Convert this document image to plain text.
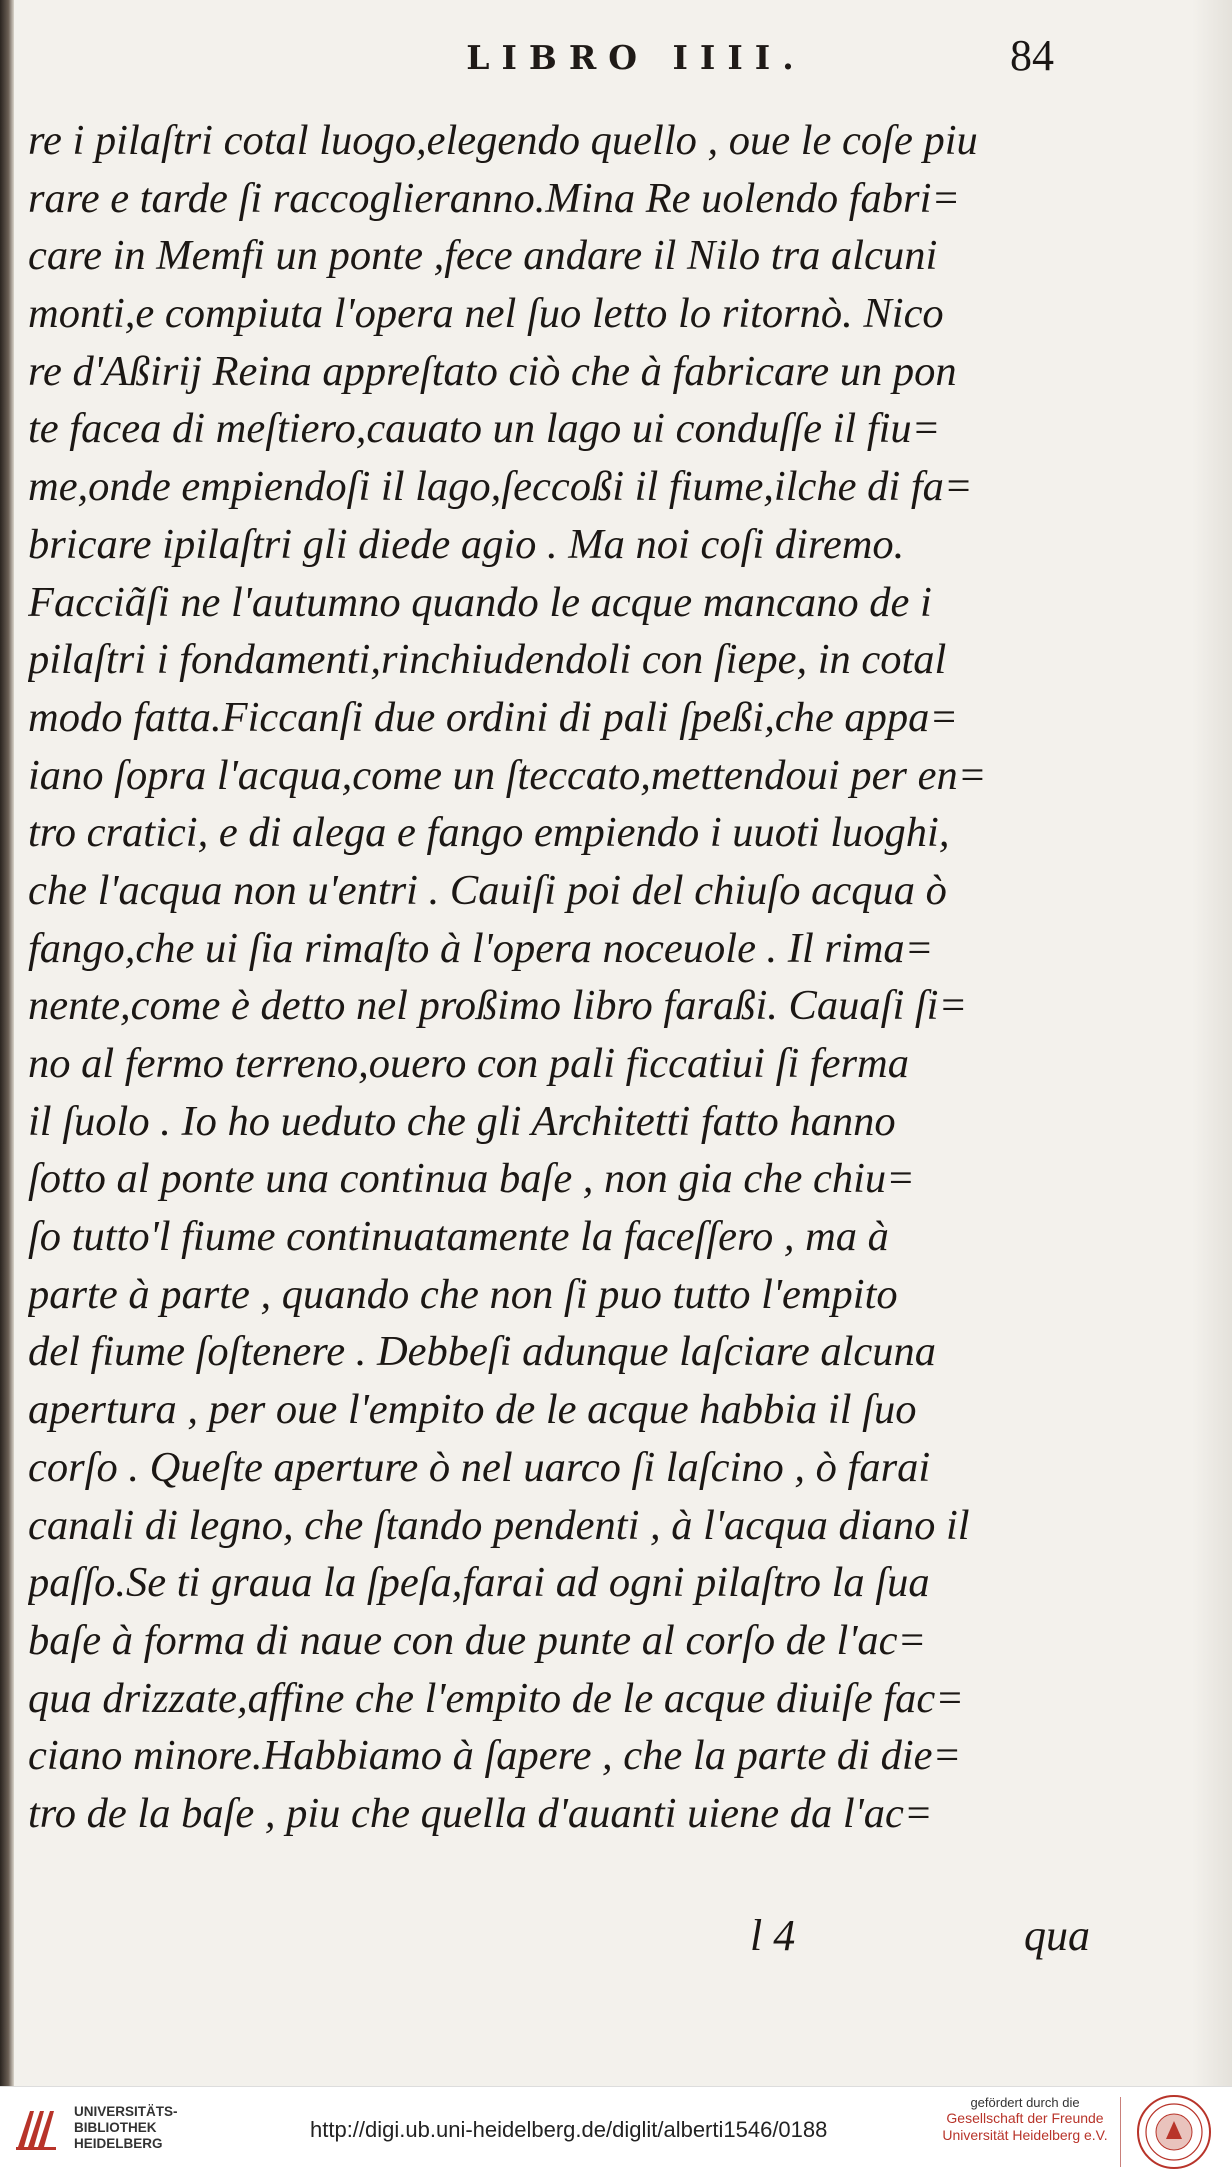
LIBRO IIII.	84
re i pilaſtri cotal luogo,elegendo quello , oue le coſe piu
rare e tarde ſi raccoglieranno.Mina Re uolendo fabri=
care in Memfi un ponte ,fece andare il Nilo tra alcuni
monti,e compiuta l'opera nel ſuo letto lo ritornò. Nico
re d'Aßirij Reina appreſtato ciò che à fabricare un pon
te facea di meſtiero,cauato un lago ui conduſſe il fiu=
me,onde empiendoſi il lago,ſeccoßi il fiume,ilche di fa=
bricare ipilaſtri gli diede agio . Ma noi coſi diremo.
Facciãſi ne l'autumno quando le acque mancano de i
pilaſtri i fondamenti,rinchiudendoli con ſiepe, in cotal
modo fatta.Ficcanſi due ordini di pali ſpeßi,che appa=
iano ſopra l'acqua,come un ſteccato,mettendoui per en=
tro cratici, e di alega e fango empiendo i uuoti luoghi,
che l'acqua non u'entri . Cauiſi poi del chiuſo acqua ò
fango,che ui ſia rimaſto à l'opera noceuole . Il rima=
nente,come è detto nel proßimo libro faraßi. Cauaſi ſi=
no al fermo terreno,ouero con pali ficcatiui ſi ferma
il ſuolo . Io ho ueduto che gli Architetti fatto hanno
ſotto al ponte una continua baſe , non gia che chiu=
ſo tutto'l fiume continuatamente la faceſſero , ma à
parte à parte , quando che non ſi puo tutto l'empito
del fiume ſoſtenere . Debbeſi adunque laſciare alcuna
apertura , per oue l'empito de le acque habbia il ſuo
corſo . Queſte aperture ò nel uarco ſi laſcino , ò farai
canali di legno, che ſtando pendenti , à l'acqua diano il
paſſo.Se ti graua la ſpeſa,farai ad ogni pilaſtro la ſua
baſe à forma di naue con due punte al corſo de l'ac=
qua drizzate,affine che l'empito de le acque diuiſe fac=
ciano minore.Habbiamo à ſapere , che la parte di die=
tro de la baſe , piu che quella d'auanti uiene da l'ac=
l 4	qua
UNIVERSITÄTS-
BIBLIOTHEK
HEIDELBERG
http://digi.ub.uni-heidelberg.de/diglit/alberti1546/0188
gefördert durch die
Gesellschaft der Freunde
Universität Heidelberg e.V.
